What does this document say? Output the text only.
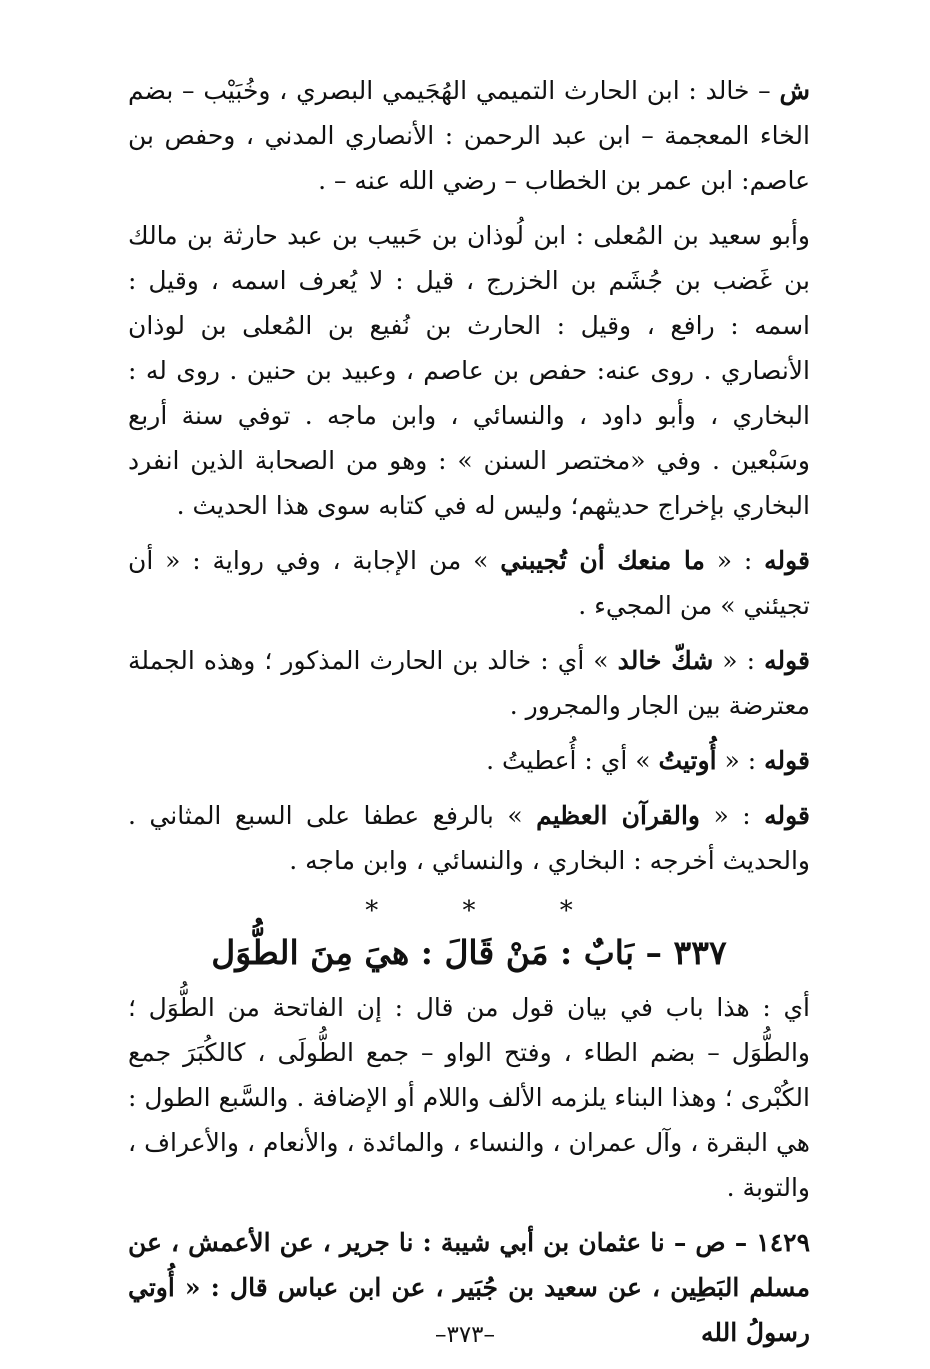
ش – خالد : ابن الحارث التميمي الهُجَيمي البصري ، وخُبَيْب – بضم الخاء المعجمة – ابن عبد الرحمن : الأنصاري المدني ، وحفص بن عاصم: ابن عمر بن الخطاب – رضي الله عنه – .

وأبو سعيد بن المُعلى : ابن لُوذان بن حَبيب بن عبد حارثة بن مالك بن غَضب بن جُشَم بن الخزرج ، قيل : لا يُعرف اسمه ، وقيل : اسمه : رافع ، وقيل : الحارث بن نُفيع بن المُعلى بن لوذان الأنصاري . روى عنه: حفص بن عاصم ، وعبيد بن حنين . روى له : البخاري ، وأبو داود ، والنسائي ، وابن ماجه . توفي سنة أربع وسَبْعين . وفي «مختصر السنن » : وهو من الصحابة الذين انفرد البخاري بإخراج حديثهم؛ وليس له في كتابه سوى هذا الحديث .

قوله : « ما منعك أن تُجيبني » من الإجابة ، وفي رواية : « أن تجيئني » من المجيء .

قوله : « شكّ خالد » أي : خالد بن الحارث المذكور ؛ وهذه الجملة معترضة بين الجار والمجرور .

قوله : « أُوتيتُ » أي : أُعطيتُ .

قوله : « والقرآن العظيم » بالرفع عطفا على السبع المثاني . والحديث أخرجه : البخاري ، والنسائي ، وابن ماجه .

* * *
٣٣٧ – بَابٌ : مَنْ قَالَ : هيَ مِنَ الطُّوَل

أي : هذا باب في بيان قول من قال : إن الفاتحة من الطُّوَل ؛ والطُّوَل – بضم الطاء ، وفتح الواو – جمع الطُّولَى ، كالكُبَرَ جمع الكُبْرى ؛ وهذا البناء يلزمه الألف واللام أو الإضافة . والسَّبع الطول : هي البقرة ، وآل عمران ، والنساء ، والمائدة ، والأنعام ، والأعراف ، والتوبة .

١٤٢٩ – ص – نا عثمان بن أبي شيبة : نا جرير ، عن الأعمش ، عن مسلم البَطِين ، عن سعيد بن جُبَير ، عن ابن عباس قال : « أُوتي رسولُ الله

–٣٧٣–
